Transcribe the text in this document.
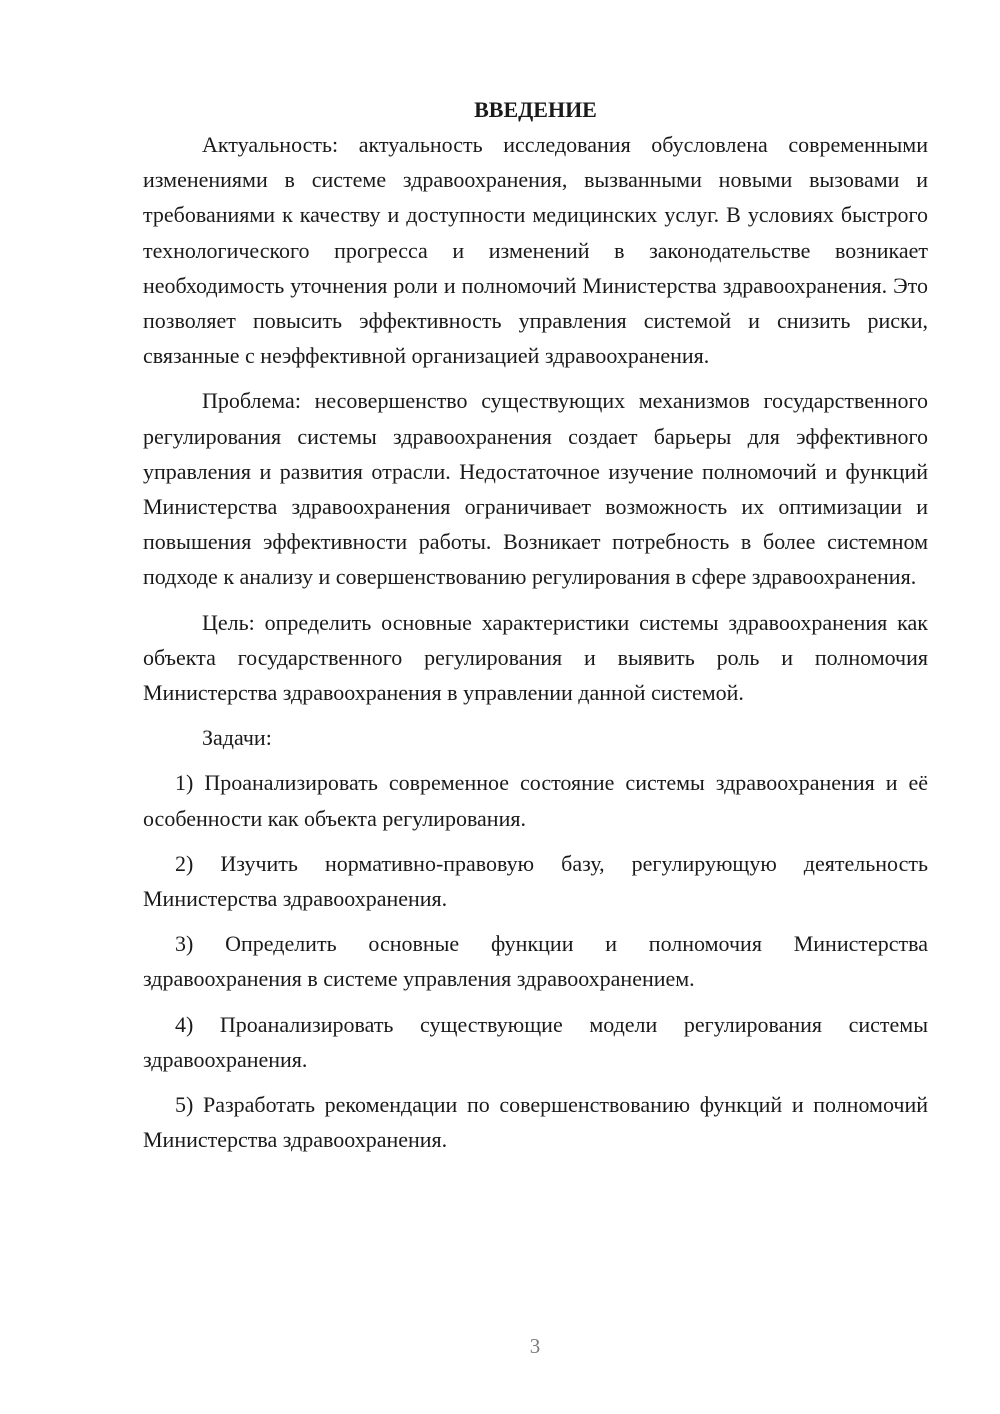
ВВЕДЕНИЕ

Актуальность: актуальность исследования обусловлена современными изменениями в системе здравоохранения, вызванными новыми вызовами и требованиями к качеству и доступности медицинских услуг. В условиях быстрого технологического прогресса и изменений в законодательстве возникает необходимость уточнения роли и полномочий Министерства здравоохранения. Это позволяет повысить эффективность управления системой и снизить риски, связанные с неэффективной организацией здравоохранения.

Проблема: несовершенство существующих механизмов государственного регулирования системы здравоохранения создает барьеры для эффективного управления и развития отрасли. Недостаточное изучение полномочий и функций Министерства здравоохранения ограничивает возможность их оптимизации и повышения эффективности работы. Возникает потребность в более системном подходе к анализу и совершенствованию регулирования в сфере здравоохранения.

Цель: определить основные характеристики системы здравоохранения как объекта государственного регулирования и выявить роль и полномочия Министерства здравоохранения в управлении данной системой.

Задачи:

1) Проанализировать современное состояние системы здравоохранения и её особенности как объекта регулирования.

2) Изучить нормативно-правовую базу, регулирующую деятельность Министерства здравоохранения.

3) Определить основные функции и полномочия Министерства здравоохранения в системе управления здравоохранением.

4) Проанализировать существующие модели регулирования системы здравоохранения.

5) Разработать рекомендации по совершенствованию функций и полномочий Министерства здравоохранения.

3
